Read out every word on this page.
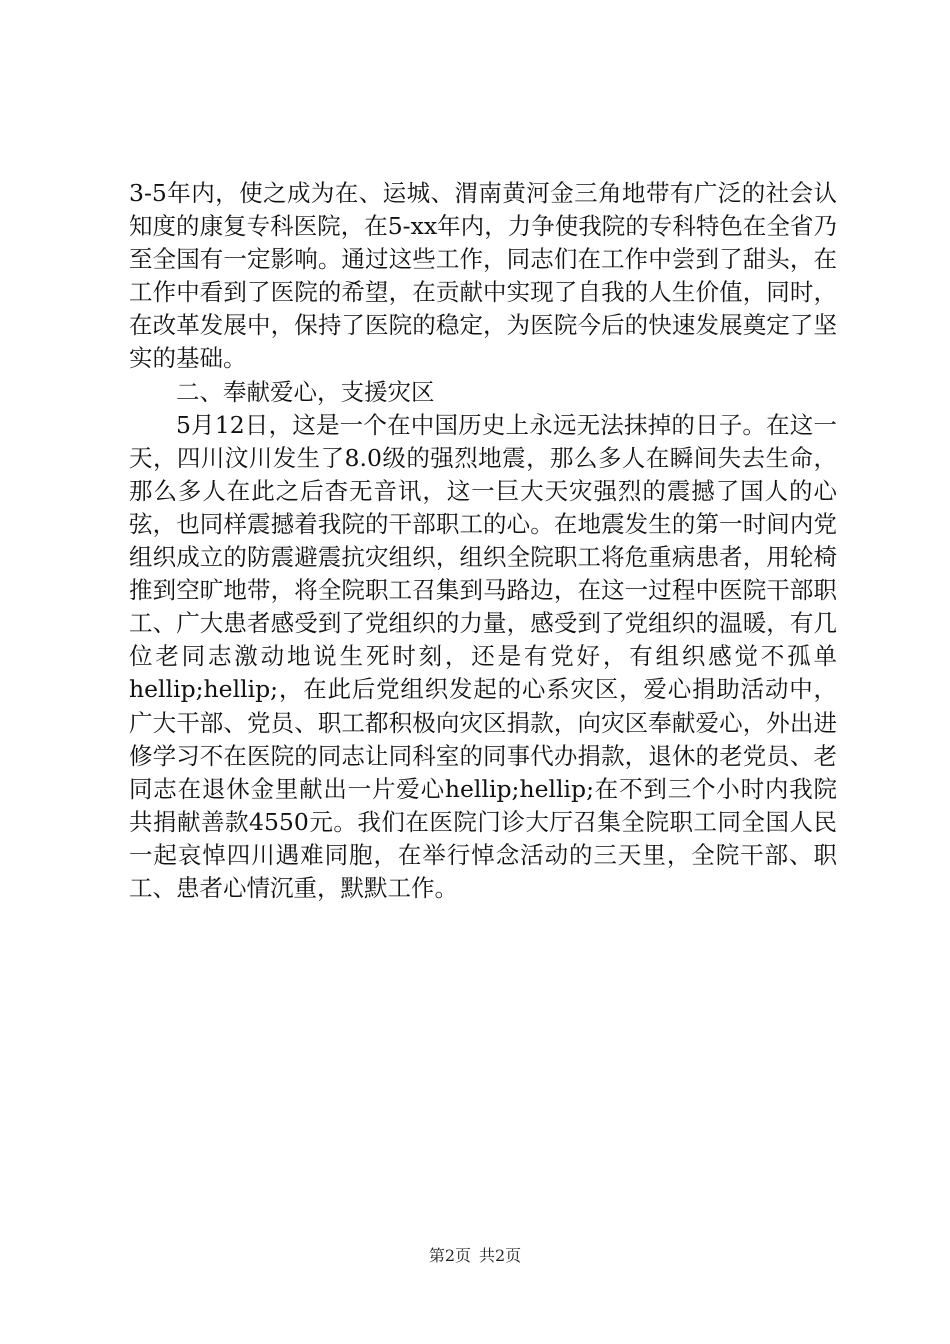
3-5年内，使之成为在、运城、渭南黄河金三角地带有广泛的社会认知度的康复专科医院，在5-xx年内，力争使我院的专科特色在全省乃至全国有一定影响。通过这些工作，同志们在工作中尝到了甜头，在工作中看到了医院的希望，在贡献中实现了自我的人生价值，同时，在改革发展中，保持了医院的稳定，为医院今后的快速发展奠定了坚实的基础。

二、奉献爱心，支援灾区

5月12日，这是一个在中国历史上永远无法抹掉的日子。在这一天，四川汶川发生了8.0级的强烈地震，那么多人在瞬间失去生命，那么多人在此之后杳无音讯，这一巨大天灾强烈的震撼了国人的心弦，也同样震撼着我院的干部职工的心。在地震发生的第一时间内党组织成立的防震避震抗灾组织，组织全院职工将危重病患者，用轮椅推到空旷地带，将全院职工召集到马路边，在这一过程中医院干部职工、广大患者感受到了党组织的力量，感受到了党组织的温暖，有几位老同志激动地说生死时刻，还是有党好，有组织感觉不孤单hellip;hellip;，在此后党组织发起的心系灾区，爱心捐助活动中，广大干部、党员、职工都积极向灾区捐款，向灾区奉献爱心，外出进修学习不在医院的同志让同科室的同事代办捐款，退休的老党员、老同志在退休金里献出一片爱心hellip;hellip;在不到三个小时内我院共捐献善款4550元。我们在医院门诊大厅召集全院职工同全国人民一起哀悼四川遇难同胞，在举行悼念活动的三天里，全院干部、职工、患者心情沉重，默默工作。

第2页 共2页
